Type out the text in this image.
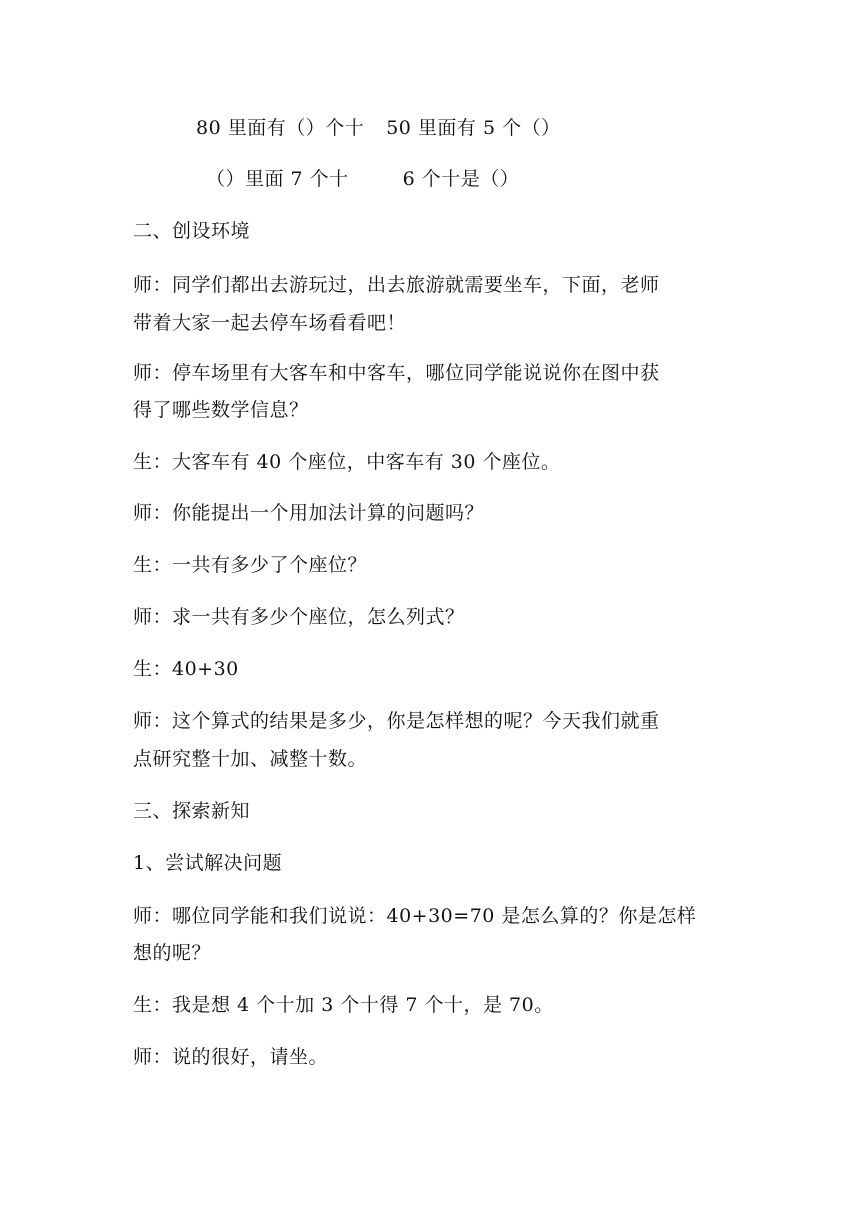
80 里面有（）个十 50 里面有 5 个（）
（）里面 7 个十	6 个十是（）
二、创设环境
师：同学们都出去游玩过，出去旅游就需要坐车，下面，老师
带着大家一起去停车场看看吧！
师：停车场里有大客车和中客车，哪位同学能说说你在图中获
得了哪些数学信息？
生：大客车有 40 个座位，中客车有 30 个座位。
师：你能提出一个用加法计算的问题吗？
生：一共有多少了个座位？
师：求一共有多少个座位，怎么列式？
生：40+30
师：这个算式的结果是多少，你是怎样想的呢？今天我们就重
点研究整十加、减整十数。
三、探索新知
1、尝试解决问题
师：哪位同学能和我们说说：40+30=70 是怎么算的？你是怎样
想的呢？
生：我是想 4 个十加 3 个十得 7 个十，是 70。
师：说的很好，请坐。
